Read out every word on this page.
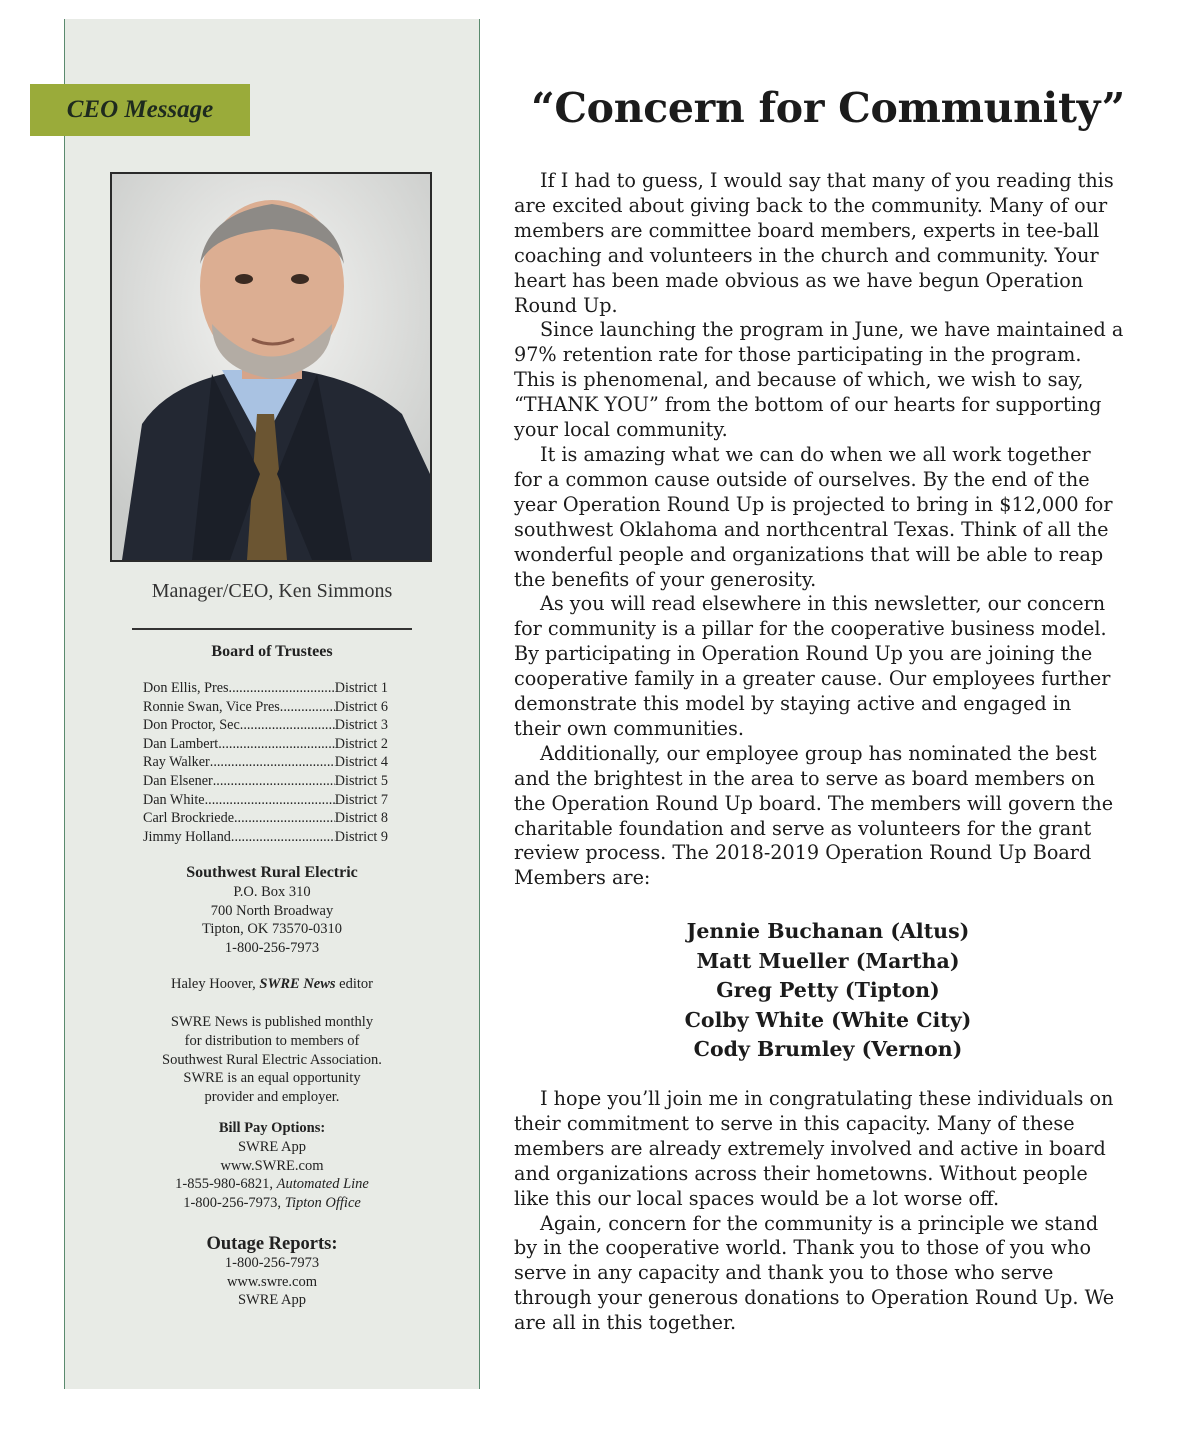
CEO Message
Manager/CEO, Ken Simmons
Board of Trustees
Don Ellis, Pres. .....	District 1
Ronnie Swan, Vice Pres. .....	District 6
Don Proctor, Sec. .....	District 3
Dan Lambert .....	District 2
Ray Walker .....	District 4
Dan Elsener .....	District 5
Dan White .....	District 7
Carl Brockriede .....	District 8
Jimmy Holland .....	District 9
Southwest Rural Electric
P.O. Box 310
700 North Broadway
Tipton, OK 73570-0310
1-800-256-7973
Haley Hoover, SWRE News editor
SWRE News is published monthly
for distribution to members of
Southwest Rural Electric Association.
SWRE is an equal opportunity
provider and employer.
Bill Pay Options:
SWRE App
www.SWRE.com
1-855-980-6821, Automated Line
1-800-256-7973, Tipton Office
Outage Reports:
1-800-256-7973
www.swre.com
SWRE App
“Concern for Community”

If I had to guess, I would say that many of you reading this are excited about giving back to the community. Many of our members are committee board members, experts in tee-ball coaching and volunteers in the church and community. Your heart has been made obvious as we have begun Operation Round Up.

Since launching the program in June, we have maintained a 97% retention rate for those participating in the program. This is phenomenal, and because of which, we wish to say, “THANK YOU” from the bottom of our hearts for supporting your local community.

It is amazing what we can do when we all work together for a common cause outside of ourselves. By the end of the year Operation Round Up is projected to bring in $12,000 for southwest Oklahoma and northcentral Texas. Think of all the wonderful people and organizations that will be able to reap the benefits of your generosity.

As you will read elsewhere in this newsletter, our concern for community is a pillar for the cooperative business model. By participating in Operation Round Up you are joining the cooperative family in a greater cause. Our employees further demonstrate this model by staying active and engaged in their own communities.

Additionally, our employee group has nominated the best and the brightest in the area to serve as board members on the Operation Round Up board. The members will govern the charitable foundation and serve as volunteers for the grant review process. The 2018-2019 Operation Round Up Board Members are:

Jennie Buchanan (Altus)
Matt Mueller (Martha)
Greg Petty (Tipton)
Colby White (White City)
Cody Brumley (Vernon)

I hope you’ll join me in congratulating these individuals on their commitment to serve in this capacity. Many of these members are already extremely involved and active in board and organizations across their hometowns. Without people like this our local spaces would be a lot worse off.

Again, concern for the community is a principle we stand by in the cooperative world. Thank you to those of you who serve in any capacity and thank you to those who serve through your generous donations to Operation Round Up. We are all in this together.
